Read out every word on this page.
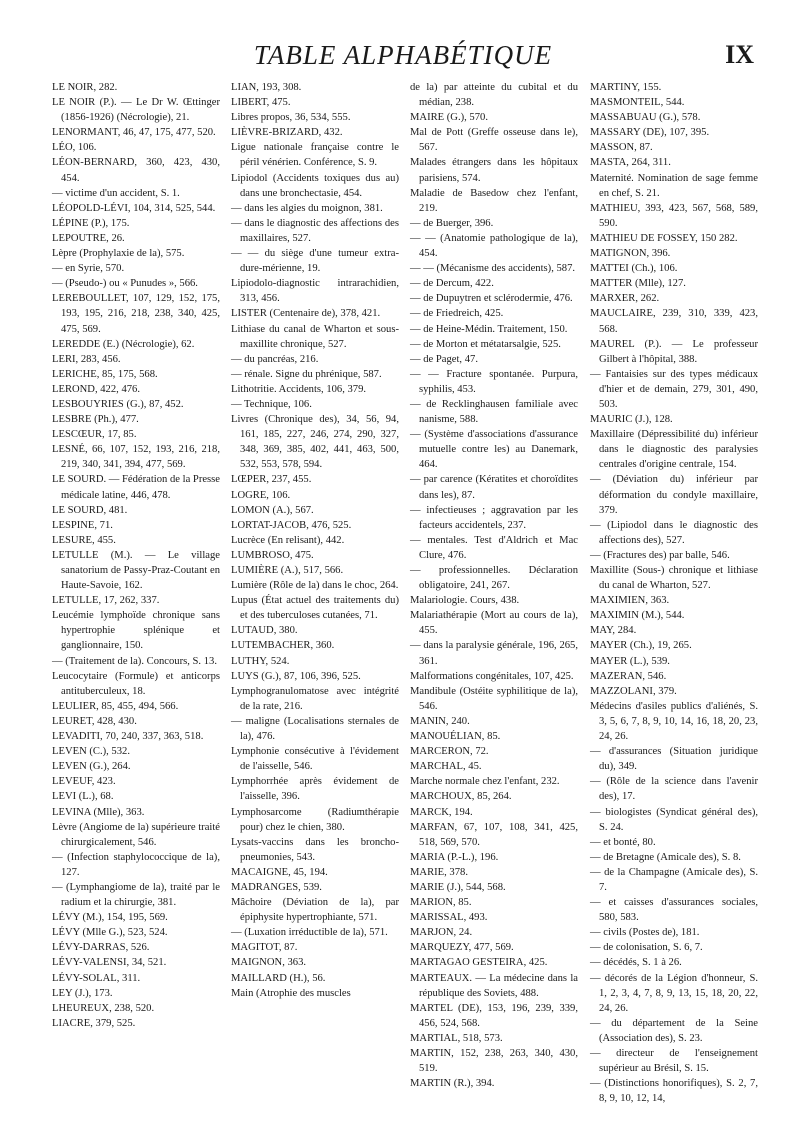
TABLE ALPHABÉTIQUE	IX

LE NOIR, 282.

LE NOIR (P.). — Le Dr W. Œttinger (1856-1926) (Nécrologie), 21.

LENORMANT, 46, 47, 175, 477, 520.

LÉO, 106.

LÉON-BERNARD, 360, 423, 430, 454.

— victime d'un accident, S. 1.

LÉOPOLD-LÉVI, 104, 314, 525, 544.

LÉPINE (P.), 175.

LEPOUTRE, 26.

Lèpre (Prophylaxie de la), 575.

— en Syrie, 570.

— (Pseudo-) ou « Punudes », 566.

LEREBOULLET, 107, 129, 152, 175, 193, 195, 216, 218, 238, 340, 425, 475, 569.

LEREDDE (E.) (Nécrologie), 62.

LERI, 283, 456.

LERICHE, 85, 175, 568.

LEROND, 422, 476.

LESBOUYRIES (G.), 87, 452.

LESBRE (Ph.), 477.

LESCŒUR, 17, 85.

LESNÉ, 66, 107, 152, 193, 216, 218, 219, 340, 341, 394, 477, 569.

LE SOURD. — Fédération de la Presse médicale latine, 446, 478.

LE SOURD, 481.

LESPINE, 71.

LESURE, 455.

LETULLE (M.). — Le village sanatorium de Passy-Praz-Coutant en Haute-Savoie, 162.

LETULLE, 17, 262, 337.

Leucémie lymphoïde chronique sans hypertrophie splénique et ganglionnaire, 150.

— (Traitement de la). Concours, S. 13.

Leucocytaire (Formule) et anticorps antituberculeux, 18.

LEULIER, 85, 455, 494, 566.

LEURET, 428, 430.

LEVADITI, 70, 240, 337, 363, 518.

LEVEN (C.), 532.

LEVEN (G.), 264.

LEVEUF, 423.

LEVI (L.), 68.

LEVINA (Mlle), 363.

Lèvre (Angiome de la) supérieure traité chirurgicalement, 546.

— (Infection staphylococcique de la), 127.

— (Lymphangiome de la), traité par le radium et la chirurgie, 381.

LÉVY (M.), 154, 195, 569.

LÉVY (Mlle G.), 523, 524.

LÉVY-DARRAS, 526.

LÉVY-VALENSI, 34, 521.

LÉVY-SOLAL, 311.

LEY (J.), 173.

LHEUREUX, 238, 520.

LIACRE, 379, 525.

LIAN, 193, 308.

LIBERT, 475.

Libres propos, 36, 534, 555.

LIÈVRE-BRIZARD, 432.

Ligue nationale française contre le péril vénérien. Conférence, S. 9.

Lipiodol (Accidents toxiques dus au) dans une bronchectasie, 454.

— dans les algies du moignon, 381.

— dans le diagnostic des affections des maxillaires, 527.

— — du siège d'une tumeur extra-dure-mérienne, 19.

Lipiodolo-diagnostic intrarachidien, 313, 456.

LISTER (Centenaire de), 378, 421.

Lithiase du canal de Wharton et sous-maxillite chronique, 527.

— du pancréas, 216.

— rénale. Signe du phrénique, 587.

Lithotritie. Accidents, 106, 379.

— Technique, 106.

Livres (Chronique des), 34, 56, 94, 161, 185, 227, 246, 274, 290, 327, 348, 369, 385, 402, 441, 463, 500, 532, 553, 578, 594.

LŒPER, 237, 455.

LOGRE, 106.

LOMON (A.), 567.

LORTAT-JACOB, 476, 525.

Lucrèce (En relisant), 442.

LUMBROSO, 475.

LUMIÈRE (A.), 517, 566.

Lumière (Rôle de la) dans le choc, 264.

Lupus (État actuel des traitements du) et des tuberculoses cutanées, 71.

LUTAUD, 380.

LUTEMBACHER, 360.

LUTHY, 524.

LUYS (G.), 87, 106, 396, 525.

Lymphogranulomatose avec intégrité de la rate, 216.

— maligne (Localisations sternales de la), 476.

Lymphonie consécutive à l'évidement de l'aisselle, 546.

Lymphorrhée après évidement de l'aisselle, 396.

Lymphosarcome (Radiumthérapie pour) chez le chien, 380.

Lysats-vaccins dans les broncho-pneumonies, 543.

MACAIGNE, 45, 194.

MADRANGES, 539.

Mâchoire (Déviation de la), par épiphysite hypertrophiante, 571.

— (Luxation irréductible de la), 571.

MAGITOT, 87.

MAIGNON, 363.

MAILLARD (H.), 56.

Main (Atrophie des muscles

de la) par atteinte du cubital et du médian, 238.

MAIRE (G.), 570.

Mal de Pott (Greffe osseuse dans le), 567.

Malades étrangers dans les hôpitaux parisiens, 574.

Maladie de Basedow chez l'enfant, 219.

— de Buerger, 396.

— — (Anatomie pathologique de la), 454.

— — (Mécanisme des accidents), 587.

— de Dercum, 422.

— de Dupuytren et sclérodermie, 476.

— de Friedreich, 425.

— de Heine-Médin. Traitement, 150.

— de Morton et métatarsalgie, 525.

— de Paget, 47.

— — Fracture spontanée. Purpura, syphilis, 453.

— de Recklinghausen familiale avec nanisme, 588.

— (Système d'associations d'assurance mutuelle contre les) au Danemark, 464.

— par carence (Kératites et choroïdites dans les), 87.

— infectieuses ; aggravation par les facteurs accidentels, 237.

— mentales. Test d'Aldrich et Mac Clure, 476.

— professionnelles. Déclaration obligatoire, 241, 267.

Malariologie. Cours, 438.

Malariathérapie (Mort au cours de la), 455.

— dans la paralysie générale, 196, 265, 361.

Malformations congénitales, 107, 425.

Mandibule (Ostéite syphilitique de la), 546.

MANIN, 240.

MANOUÉLIAN, 85.

MARCERON, 72.

MARCHAL, 45.

Marche normale chez l'enfant, 232.

MARCHOUX, 85, 264.

MARCK, 194.

MARFAN, 67, 107, 108, 341, 425, 518, 569, 570.

MARIA (P.-L.), 196.

MARIE, 378.

MARIE (J.), 544, 568.

MARION, 85.

MARISSAL, 493.

MARJON, 24.

MARQUEZY, 477, 569.

MARTAGAO GESTEIRA, 425.

MARTEAUX. — La médecine dans la république des Soviets, 488.

MARTEL (DE), 153, 196, 239, 339, 456, 524, 568.

MARTIAL, 518, 573.

MARTIN, 152, 238, 263, 340, 430, 519.

MARTIN (R.), 394.

MARTINY, 155.

MASMONTEIL, 544.

MASSABUAU (G.), 578.

MASSARY (DE), 107, 395.

MASSON, 87.

MASTA, 264, 311.

Maternité. Nomination de sage femme en chef, S. 21.

MATHIEU, 393, 423, 567, 568, 589, 590.

MATHIEU DE FOSSEY, 150 282.

MATIGNON, 396.

MATTEI (Ch.), 106.

MATTER (Mlle), 127.

MARXER, 262.

MAUCLAIRE, 239, 310, 339, 423, 568.

MAUREL (P.). — Le professeur Gilbert à l'hôpital, 388.

— Fantaisies sur des types médicaux d'hier et de demain, 279, 301, 490, 503.

MAURIC (J.), 128.

Maxillaire (Dépressibilité du) inférieur dans le diagnostic des paralysies centrales d'origine centrale, 154.

— (Déviation du) inférieur par déformation du condyle maxillaire, 379.

— (Lipiodol dans le diagnostic des affections des), 527.

— (Fractures des) par balle, 546.

Maxillite (Sous-) chronique et lithiase du canal de Wharton, 527.

MAXIMIEN, 363.

MAXIMIN (M.), 544.

MAY, 284.

MAYER (Ch.), 19, 265.

MAYER (L.), 539.

MAZERAN, 546.

MAZZOLANI, 379.

Médecins d'asiles publics d'aliénés, S. 3, 5, 6, 7, 8, 9, 10, 14, 16, 18, 20, 23, 24, 26.

— d'assurances (Situation juridique du), 349.

— (Rôle de la science dans l'avenir des), 17.

— biologistes (Syndicat général des), S. 24.

— et bonté, 80.

— de Bretagne (Amicale des), S. 8.

— de la Champagne (Amicale des), S. 7.

— et caisses d'assurances sociales, 580, 583.

— civils (Postes de), 181.

— de colonisation, S. 6, 7.

— décédés, S. 1 à 26.

— décorés de la Légion d'honneur, S. 1, 2, 3, 4, 7, 8, 9, 13, 15, 18, 20, 22, 24, 26.

— du département de la Seine (Association des), S. 23.

— directeur de l'enseignement supérieur au Brésil, S. 15.

— (Distinctions honorifiques), S. 2, 7, 8, 9, 10, 12, 14,
